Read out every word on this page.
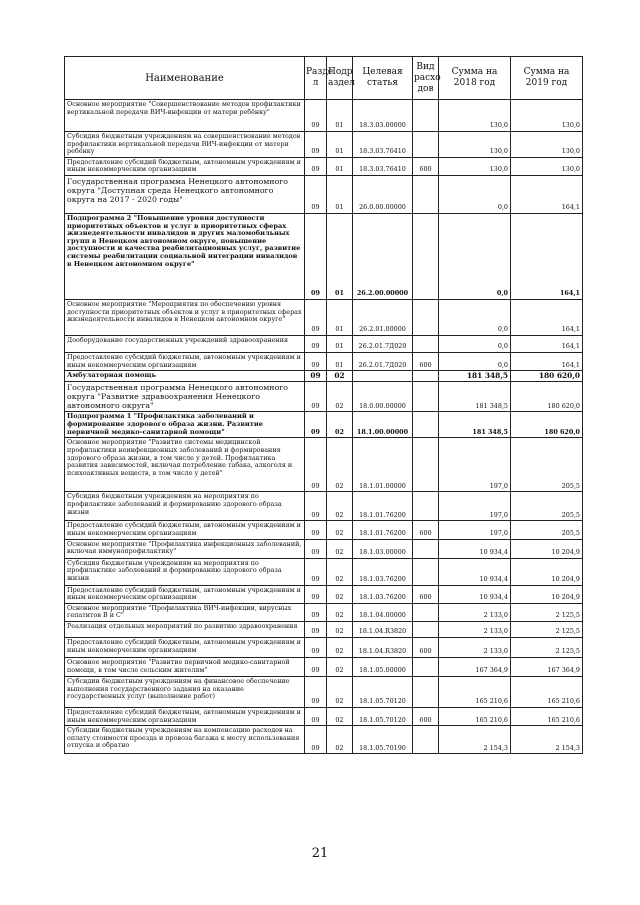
Наименование	Разде л	Подр аздел	Целевая статья	Вид расхо дов	Сумма на 2018 год	Сумма на 2019 год
Основное мероприятие "Совершенствование методов профилактики вертикальной передачи ВИЧ-инфекции от матери ребёнку"	09	01	18.3.03.00000		130,0	130,0
Субсидия бюджетным учреждениям на совершенствование методов профилактики вертикальной передачи ВИЧ-инфекции от матери ребёнку	09	01	18.3.03.76410		130,0	130,0
Предоставление субсидий бюджетным, автономным учреждениям и иным некоммерческим организациям	09	01	18.3.03.76410	600	130,0	130,0
Государственная программа Ненецкого автономного округа "Доступная среда Ненецкого автономного округа на 2017 - 2020 годы"	09	01	26.0.00.00000		0,0	164,1
Подпрограмма 2 "Повышение уровня доступности приоритетных объектов и услуг в приоритетных сферах жизнедеятельности инвалидов и других маломобильных групп в Ненецком автономном округе, повышение доступности и качества реабилитационных услуг, развитие системы реабилитации социальной интеграции инвалидов в Ненецком автономном округе"	09	01	26.2.00.00000		0,0	164,1
Основное мероприятие "Мероприятия по обеспечению уровня доступности приоритетных объектов и услуг в приоритетных сферах жизнедеятельности инвалидов в Ненецком автономном округе"	09	01	26.2.01.00000		0,0	164,1
Дооборудование государственных учреждений здравоохранения	09	01	26.2.01.7Д020		0,0	164,1
Предоставление субсидий бюджетным, автономным учреждениям и иным некоммерческим организациям	09	01	26.2.01.7Д020	600	0,0	164,1
Амбулаторная помощь	09	02			181 348,5	180 620,0
Государственная программа Ненецкого автономного округа "Развитие здравоохранения Ненецкого автономного округа"	09	02	18.0.00.00000		181 348,5	180 620,0
Подпрограмма 1 "Профилактика заболеваний и формирование здорового образа жизни. Развитие первичной медико-санитарной помощи"	09	02	18.1.00.00000		181 348,5	180 620,0
Основное мероприятие "Развитие системы медицинской профилактики неинфекционных заболеваний и формирования здорового образа жизни, в том числе у детей. Профилактика развития зависимостей, включая потребление табака, алкоголя и психоактивных веществ, в том числе у детей"	09	02	18.1.01.00000		197,0	205,5
Субсидия бюджетным учреждениям на мероприятия по профилактике заболеваний и формированию здорового образа жизни	09	02	18.1.01.76200		197,0	205,5
Предоставление субсидий бюджетным, автономным учреждениям и иным некоммерческим организациям	09	02	18.1.01.76200	600	197,0	205,5
Основное мероприятие "Профилактика инфекционных заболеваний, включая иммунопрофилактику"	09	02	18.1.03.00000		10 934,4	10 204,9
Субсидия бюджетным учреждениям на мероприятия по профилактике заболеваний и формированию здорового образа жизни	09	02	18.1.03.76200		10 934,4	10 204,9
Предоставление субсидий бюджетным, автономным учреждениям и иным некоммерческим организациям	09	02	18.1.03.76200	600	10 934,4	10 204,9
Основное мероприятие "Профилактика ВИЧ-инфекции, вирусных гепатитов В и С"	09	02	18.1.04.00000		2 133,0	2 125,5
Реализация отдельных мероприятий по развитию здравоохранения	09	02	18.1.04.R3820		2 133,0	2 125,5
Предоставление субсидий бюджетным, автономным учреждениям и иным некоммерческим организациям	09	02	18.1.04.R3820	600	2 133,0	2 125,5
Основное мероприятие "Развитие первичной медико-санитарной помощи, в том числе сельским жителям"	09	02	18.1.05.00000		167 364,9	167 364,9
Субсидии бюджетным учреждениям на финансовое обеспечение выполнения государственного задания на оказание государственных услуг (выполнение работ)	09	02	18.1.05.70120		165 210,6	165 210,6
Предоставление субсидий бюджетным, автономным учреждениям и иным некоммерческим организациям	09	02	18.1.05.70120	600	165 210,6	165 210,6
Субсидии бюджетным учреждениям на компенсацию расходов на оплату стоимости проезда и провоза багажа к месту использования отпуска и обратно	09	02	18.1.05.70190		2 154,3	2 154,3
21
